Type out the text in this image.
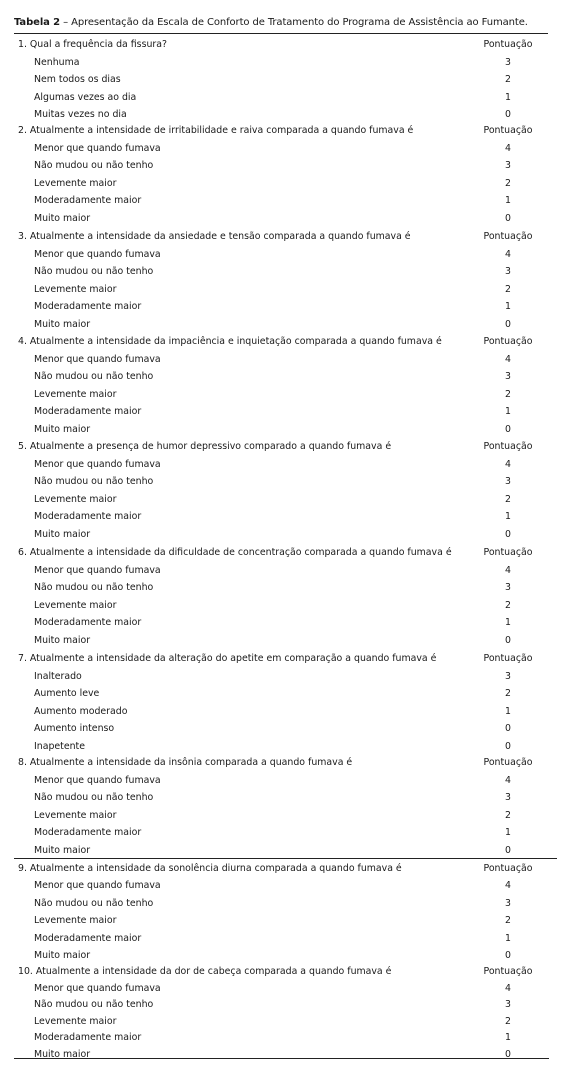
Tabela 2 – Apresentação da Escala de Conforto de Tratamento do Programa de Assistência ao Fumante.
1. Qual a frequência da fissura?	Pontuação
Nenhuma	3
Nem todos os dias	2
Algumas vezes ao dia	1
Muitas vezes no dia	0
2. Atualmente a intensidade de irritabilidade e raiva comparada a quando fumava é	Pontuação
Menor que quando fumava	4
Não mudou ou não tenho	3
Levemente maior	2
Moderadamente maior	1
Muito maior	0
3. Atualmente a intensidade da ansiedade e tensão comparada a quando fumava é	Pontuação
Menor que quando fumava	4
Não mudou ou não tenho	3
Levemente maior	2
Moderadamente maior	1
Muito maior	0
4. Atualmente a intensidade da impaciência e inquietação comparada a quando fumava é	Pontuação
Menor que quando fumava	4
Não mudou ou não tenho	3
Levemente maior	2
Moderadamente maior	1
Muito maior	0
5. Atualmente a presença de humor depressivo comparado a quando fumava é	Pontuação
Menor que quando fumava	4
Não mudou ou não tenho	3
Levemente maior	2
Moderadamente maior	1
Muito maior	0
6. Atualmente a intensidade da dificuldade de concentração comparada a quando fumava é	Pontuação
Menor que quando fumava	4
Não mudou ou não tenho	3
Levemente maior	2
Moderadamente maior	1
Muito maior	0
7. Atualmente a intensidade da alteração do apetite em comparação a quando fumava é	Pontuação
Inalterado	3
Aumento leve	2
Aumento moderado	1
Aumento intenso	0
Inapetente	0
8. Atualmente a intensidade da insônia comparada a quando fumava é	Pontuação
Menor que quando fumava	4
Não mudou ou não tenho	3
Levemente maior	2
Moderadamente maior	1
Muito maior	0
9. Atualmente a intensidade da sonolência diurna comparada a quando fumava é	Pontuação
Menor que quando fumava	4
Não mudou ou não tenho	3
Levemente maior	2
Moderadamente maior	1
Muito maior	0
10. Atualmente a intensidade da dor de cabeça comparada a quando fumava é	Pontuação
Menor que quando fumava	4
Não mudou ou não tenho	3
Levemente maior	2
Moderadamente maior	1
Muito maior	0
